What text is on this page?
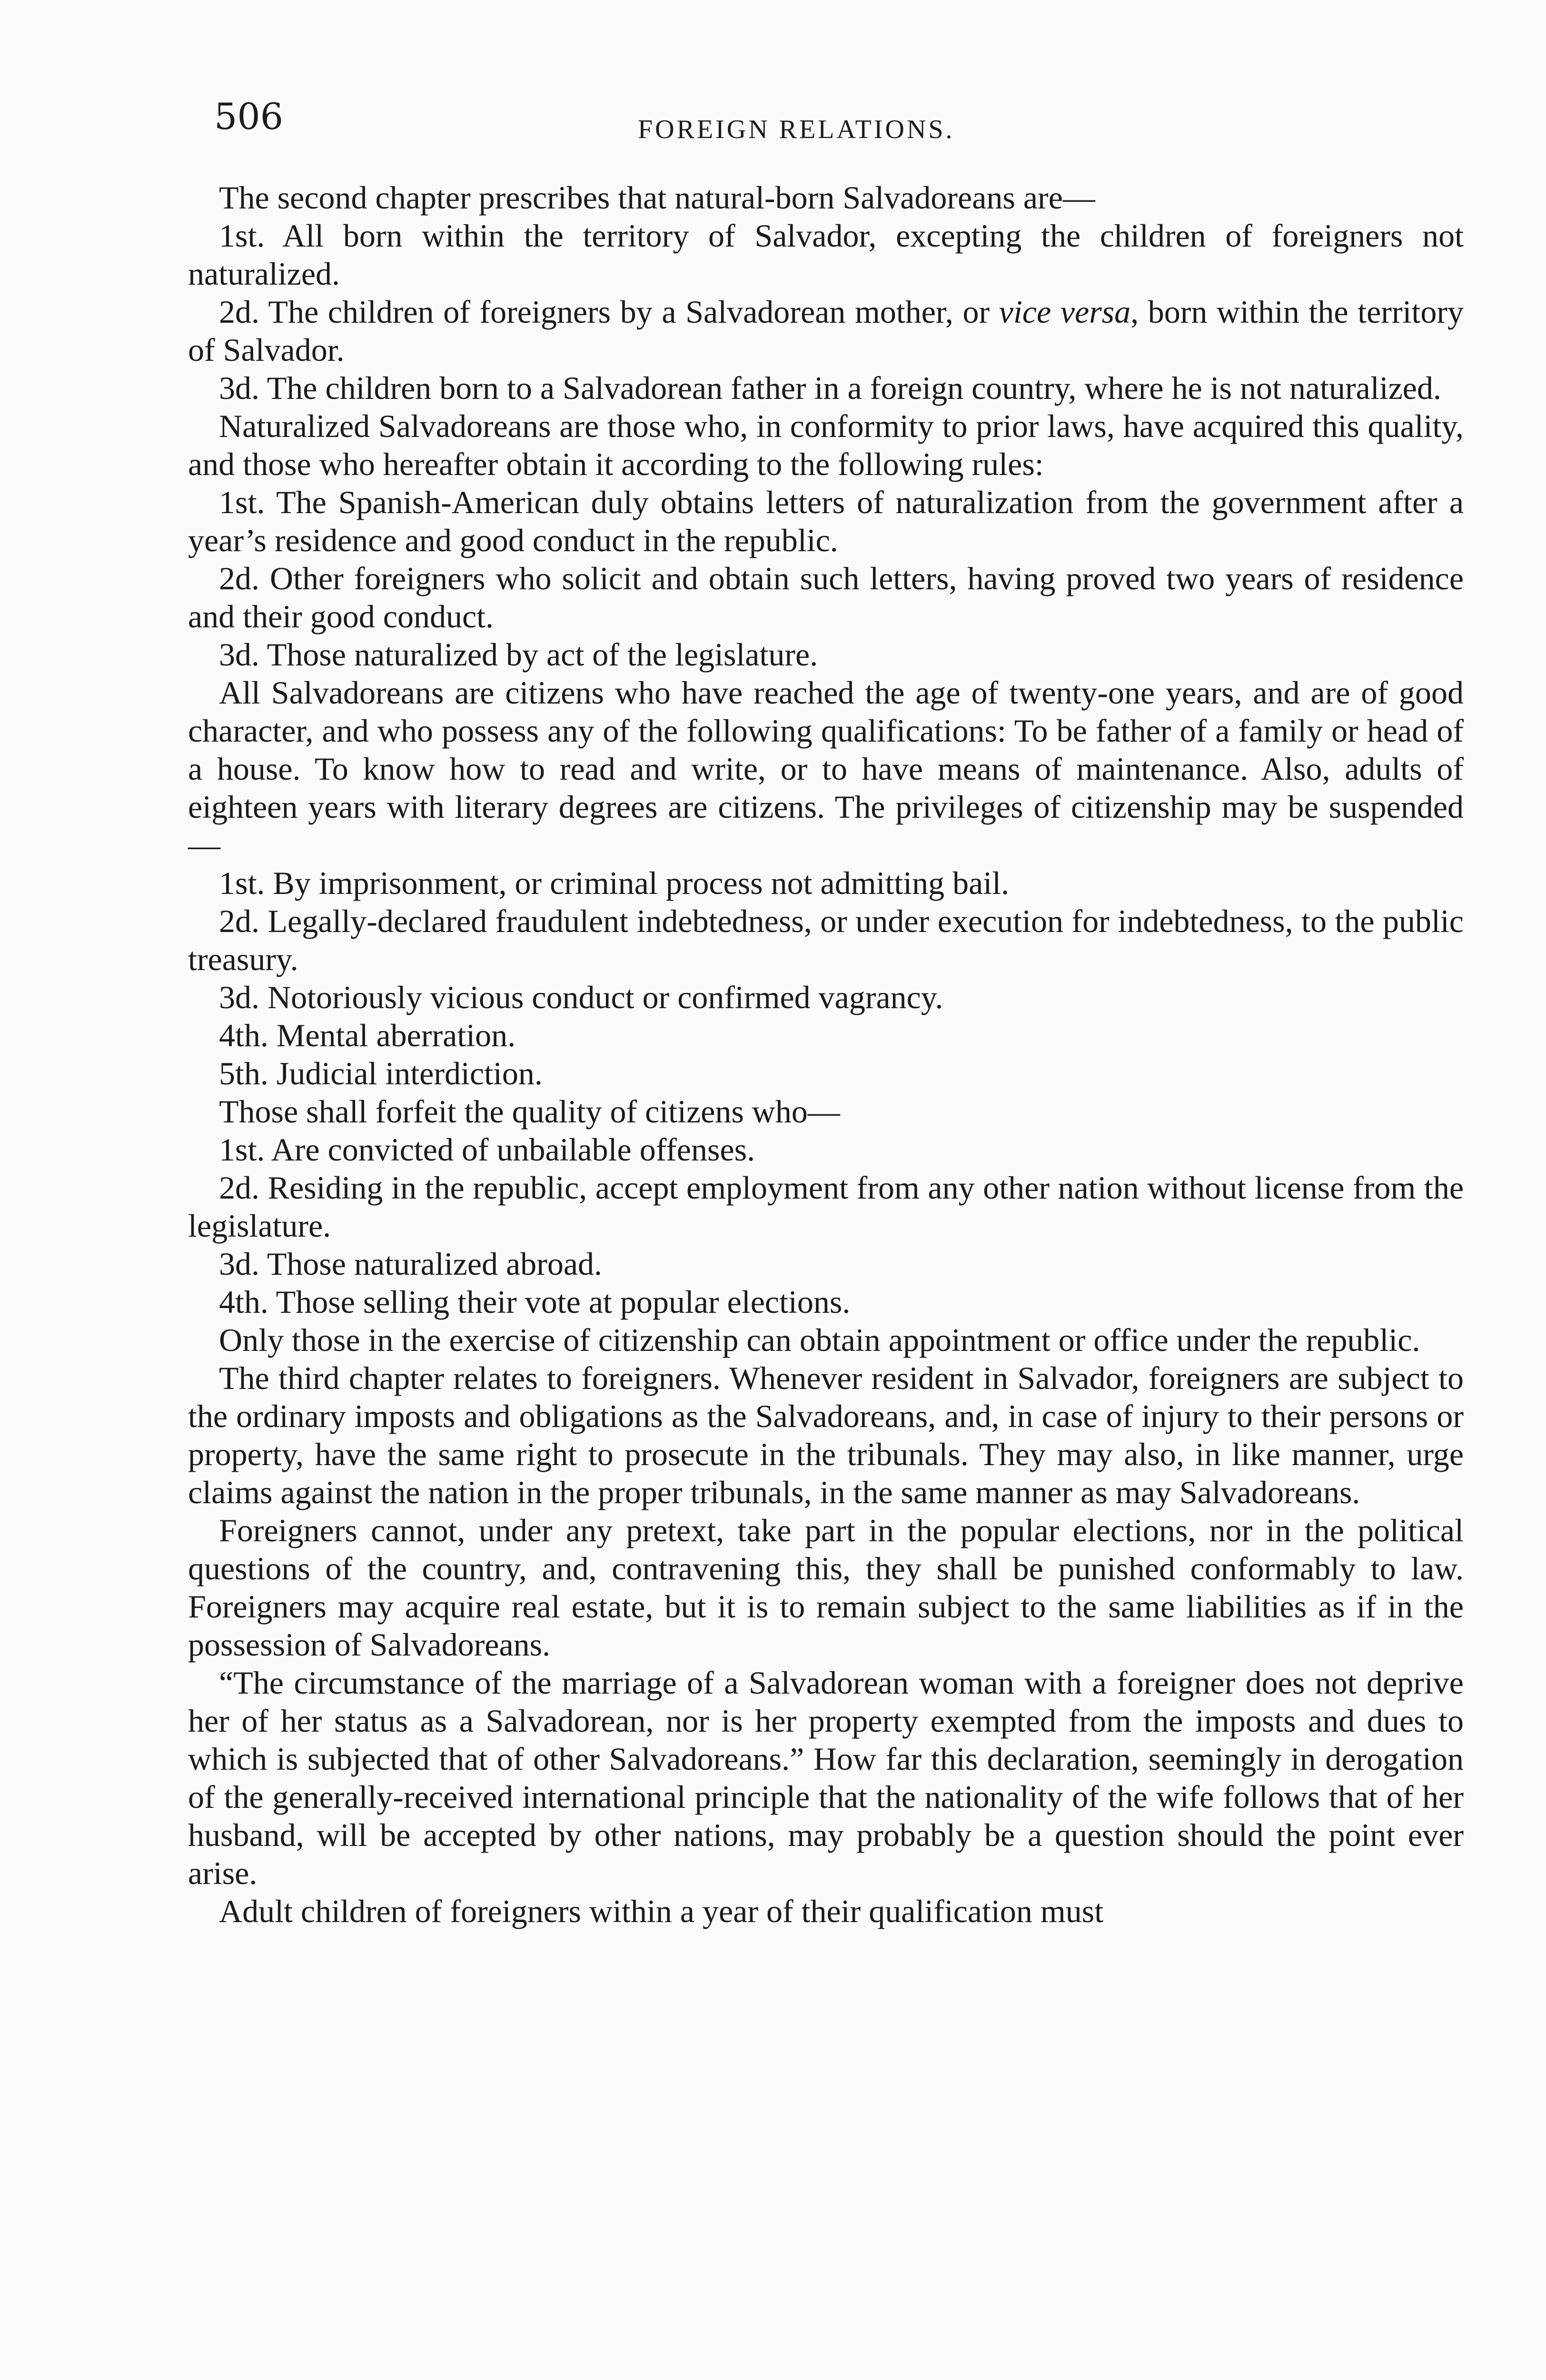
506	FOREIGN RELATIONS.

The second chapter prescribes that natural-born Salvadoreans are—

1st. All born within the territory of Salvador, excepting the children of foreigners not naturalized.

2d. The children of foreigners by a Salvadorean mother, or vice versa, born within the territory of Salvador.

3d. The children born to a Salvadorean father in a foreign country, where he is not naturalized.

Naturalized Salvadoreans are those who, in conformity to prior laws, have acquired this quality, and those who hereafter obtain it according to the following rules:

1st. The Spanish-American duly obtains letters of naturalization from the government after a year’s residence and good conduct in the republic.

2d. Other foreigners who solicit and obtain such letters, having proved two years of residence and their good conduct.

3d. Those naturalized by act of the legislature.

All Salvadoreans are citizens who have reached the age of twenty-one years, and are of good character, and who possess any of the following qualifications: To be father of a family or head of a house. To know how to read and write, or to have means of maintenance. Also, adults of eighteen years with literary degrees are citizens. The privileges of citizenship may be suspended—

1st. By imprisonment, or criminal process not admitting bail.

2d. Legally-declared fraudulent indebtedness, or under execution for indebtedness, to the public treasury.

3d. Notoriously vicious conduct or confirmed vagrancy.

4th. Mental aberration.

5th. Judicial interdiction.

Those shall forfeit the quality of citizens who—

1st. Are convicted of unbailable offenses.

2d. Residing in the republic, accept employment from any other nation without license from the legislature.

3d. Those naturalized abroad.

4th. Those selling their vote at popular elections.

Only those in the exercise of citizenship can obtain appointment or office under the republic.

The third chapter relates to foreigners. Whenever resident in Salvador, foreigners are subject to the ordinary imposts and obligations as the Salvadoreans, and, in case of injury to their persons or property, have the same right to prosecute in the tribunals. They may also, in like manner, urge claims against the nation in the proper tribunals, in the same manner as may Salvadoreans.

Foreigners cannot, under any pretext, take part in the popular elections, nor in the political questions of the country, and, contravening this, they shall be punished conformably to law. Foreigners may acquire real estate, but it is to remain subject to the same liabilities as if in the possession of Salvadoreans.

“The circumstance of the marriage of a Salvadorean woman with a foreigner does not deprive her of her status as a Salvadorean, nor is her property exempted from the imposts and dues to which is subjected that of other Salvadoreans.” How far this declaration, seemingly in derogation of the generally-received international principle that the nationality of the wife follows that of her husband, will be accepted by other nations, may probably be a question should the point ever arise.

Adult children of foreigners within a year of their qualification must
